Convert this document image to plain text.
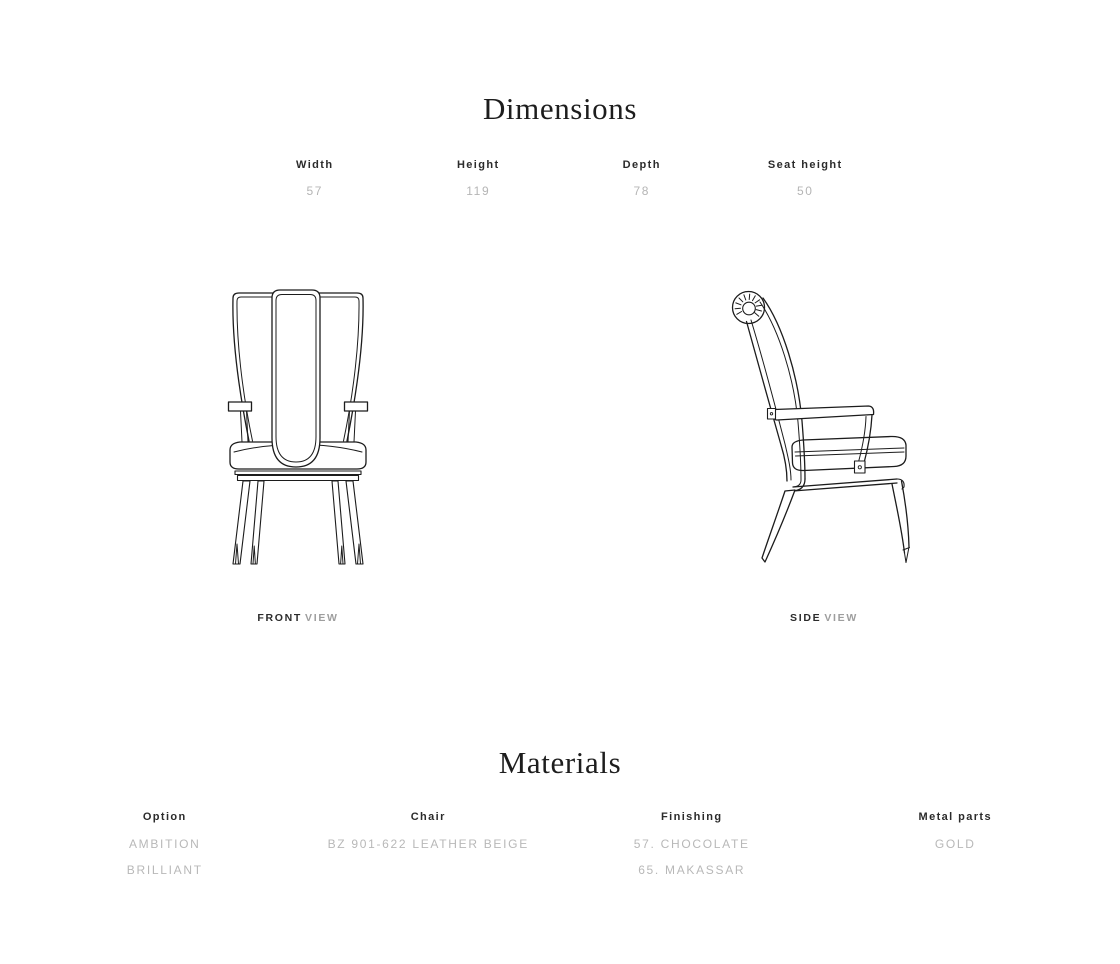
Dimensions
Width
57
Height
119
Depth
78
Seat height
50
FRONT VIEW	SIDE VIEW
Materials
Option
AMBITION
BRILLIANT
Chair
BZ 901-622 LEATHER BEIGE
Finishing
57. CHOCOLATE
65. MAKASSAR
Metal parts
GOLD
